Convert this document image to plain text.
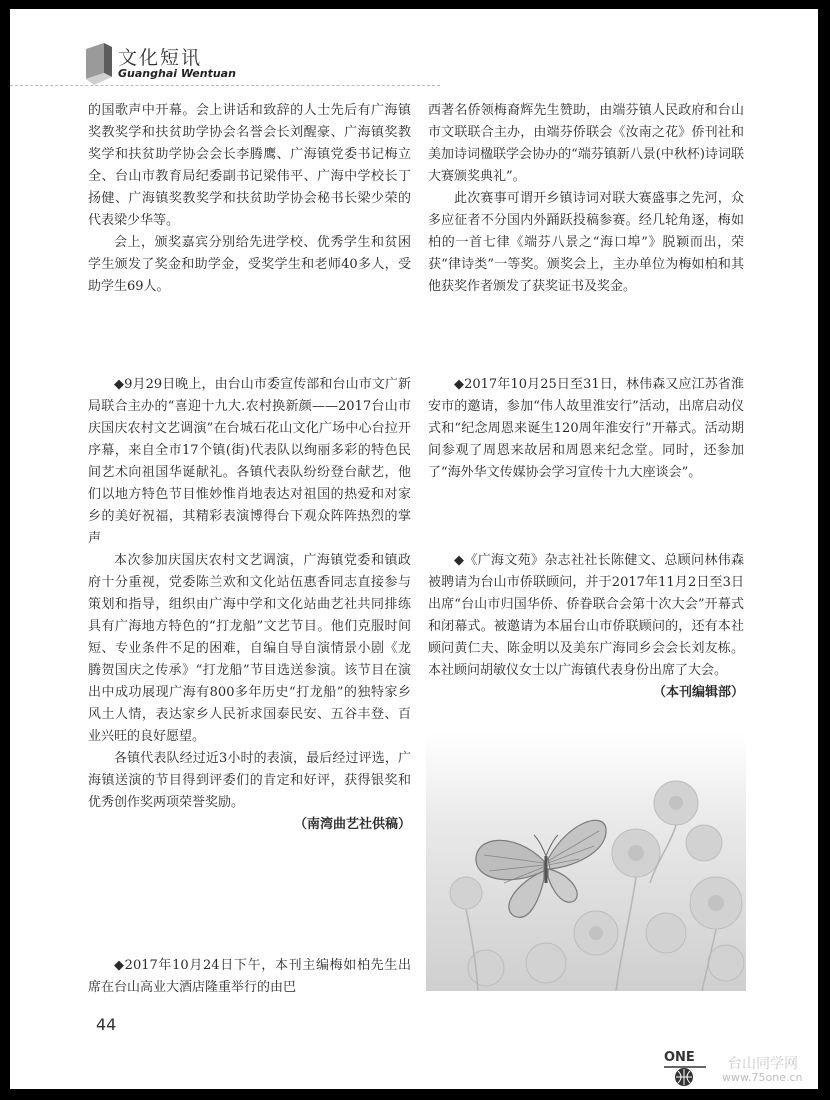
文化短讯
Guanghai Wentuan

的国歌声中开幕。会上讲话和致辞的人士先后有广海镇奖教奖学和扶贫助学协会名誉会长刘醒豪、广海镇奖教奖学和扶贫助学协会会长李腾鹰、广海镇党委书记梅立全、台山市教育局纪委副书记梁伟平、广海中学校长丁扬健、广海镇奖教奖学和扶贫助学协会秘书长梁少荣的代表梁少华等。

会上，颁奖嘉宾分别给先进学校、优秀学生和贫困学生颁发了奖金和助学金，受奖学生和老师40多人，受助学生69人。

◆9月29日晚上，由台山市委宣传部和台山市文广新局联合主办的“喜迎十九大.农村换新颜——2017台山市庆国庆农村文艺调演”在台城石花山文化广场中心台拉开序幕，来自全市17个镇(街)代表队以绚丽多彩的特色民间艺术向祖国华诞献礼。各镇代表队纷纷登台献艺，他们以地方特色节目惟妙惟肖地表达对祖国的热爱和对家乡的美好祝福，其精彩表演博得台下观众阵阵热烈的掌声

本次参加庆国庆农村文艺调演，广海镇党委和镇政府十分重视，党委陈兰欢和文化站伍惠香同志直接参与策划和指导，组织由广海中学和文化站曲艺社共同排练具有广海地方特色的“打龙船”文艺节目。他们克服时间短、专业条件不足的困难，自编自导自演情景小剧《龙腾贺国庆之传承》“打龙船”节目选送参演。该节目在演出中成功展现广海有800多年历史“打龙船”的独特家乡风土人情，表达家乡人民祈求国泰民安、五谷丰登、百业兴旺的良好愿望。

各镇代表队经过近3小时的表演，最后经过评选，广海镇送演的节目得到评委们的肯定和好评，获得银奖和优秀创作奖两项荣誉奖励。

（南湾曲艺社供稿）

◆2017年10月24日下午，本刊主编梅如柏先生出席在台山高业大酒店隆重举行的由巴

西著名侨领梅裔辉先生赞助，由端芬镇人民政府和台山市文联联合主办，由端芬侨联会《汝南之花》侨刊社和美加诗词楹联学会协办的“端芬镇新八景(中秋杯)诗词联大赛颁奖典礼”。

此次赛事可谓开乡镇诗词对联大赛盛事之先河，众多应征者不分国内外踊跃投稿参赛。经几轮角逐，梅如柏的一首七律《端芬八景之“海口埠”》脱颖而出，荣获“律诗类”一等奖。颁奖会上，主办单位为梅如柏和其他获奖作者颁发了获奖证书及奖金。

◆2017年10月25日至31日，林伟森又应江苏省淮安市的邀请，参加“伟人故里淮安行”活动，出席启动仪式和“纪念周恩来诞生120周年淮安行”开幕式。活动期间参观了周恩来故居和周恩来纪念堂。同时，还参加了“海外华文传媒协会学习宣传十九大座谈会”。

◆《广海文苑》杂志社社长陈健文、总顾问林伟森被聘请为台山市侨联顾问，并于2017年11月2日至3日出席“台山市归国华侨、侨眷联合会第十次大会”开幕式和闭幕式。被邀请为本届台山市侨联顾问的，还有本社顾问黄仁夫、陈金明以及美东广海同乡会会长刘友栋。本社顾问胡敏仪女士以广海镇代表身份出席了大会。

（本刊编辑部）

44
ONE 台山同学网
www.75one.cn
